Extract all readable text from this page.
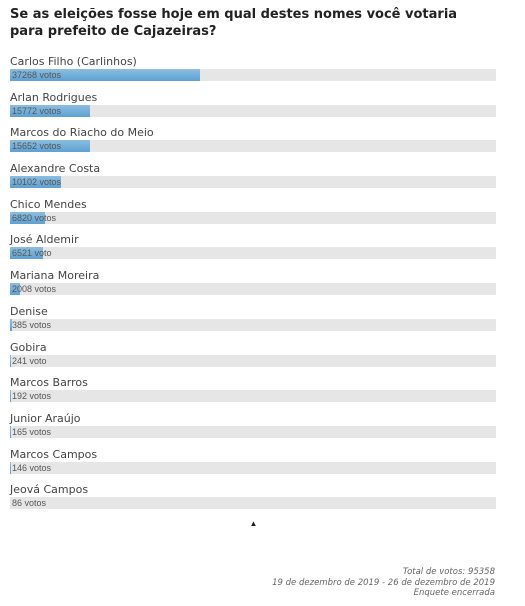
Se as eleições fosse hoje em qual destes nomes você votaria para prefeito de Cajazeiras?

Carlos Filho (Carlinhos)
37268 votos
Arlan Rodrigues
15772 votos
Marcos do Riacho do Meio
15652 votos
Alexandre Costa
10102 votos
Chico Mendes
6820 votos
José Aldemir
6521 voto
Mariana Moreira
2008 votos
Denise
385 votos
Gobira
241 voto
Marcos Barros
192 votos
Junior Araújo
165 votos
Marcos Campos
146 votos
Jeová Campos
86 votos
▲
Total de votos: 95358
19 de dezembro de 2019 - 26 de dezembro de 2019
Enquete encerrada
